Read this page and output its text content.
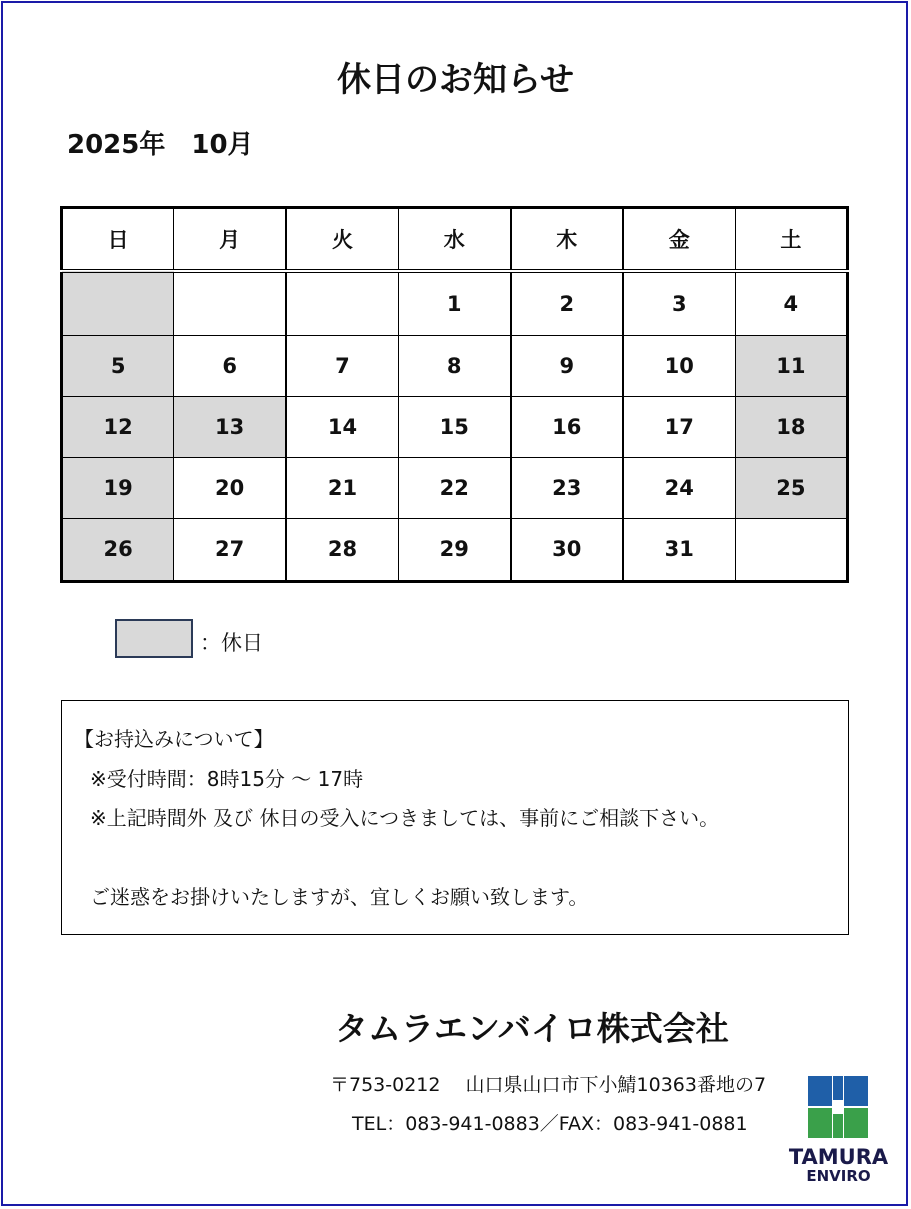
休日のお知らせ
2025年　10月
日	月	火	水	木	金	土
			1	2	3	4
5	6	7	8	9	10	11
12	13	14	15	16	17	18
19	20	21	22	23	24	25
26	27	28	29	30	31	
：休日
【お持込みについて】
※受付時間：8時15分 〜 17時
※上記時間外 及び 休日の受入につきましては、事前にご相談下さい。
ご迷惑をお掛けいたしますが、宜しくお願い致します。
タムラエンバイロ株式会社
〒753-0212　 山口県山口市下小鯖10363番地の7
TEL：083-941-0883／FAX：083-941-0881
TAMURA
ENVIRO
